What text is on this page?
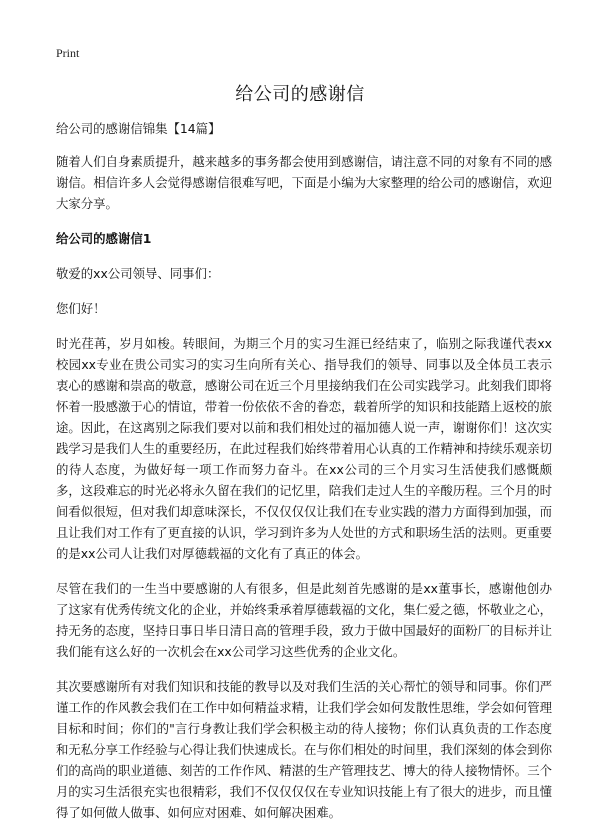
Print
给公司的感谢信

给公司的感谢信锦集【14篇】

随着人们自身素质提升，越来越多的事务都会使用到感谢信，请注意不同的对象有不同的感谢信。相信许多人会觉得感谢信很难写吧，下面是小编为大家整理的给公司的感谢信，欢迎大家分享。

给公司的感谢信1

敬爱的xx公司领导、同事们：

您们好！

时光荏苒，岁月如梭。转眼间，为期三个月的实习生涯已经结束了，临别之际我谨代表xx校园xx专业在贵公司实习的实习生向所有关心、指导我们的领导、同事以及全体员工表示衷心的感谢和崇高的敬意，感谢公司在近三个月里接纳我们在公司实践学习。此刻我们即将怀着一股感激于心的情谊，带着一份依依不舍的眷恋，载着所学的知识和技能踏上返校的旅途。因此，在这离别之际我们要对以前和我们相处过的福加德人说一声，谢谢你们！这次实践学习是我们人生的重要经历，在此过程我们始终带着用心认真的工作精神和持续乐观亲切的待人态度，为做好每一项工作而努力奋斗。在xx公司的三个月实习生活使我们感慨颇多，这段难忘的时光必将永久留在我们的记忆里，陪我们走过人生的辛酸历程。三个月的时间看似很短，但对我们却意味深长，不仅仅仅仅让我们在专业实践的潜力方面得到加强，而且让我们对工作有了更直接的认识，学习到许多为人处世的方式和职场生活的法则。更重要的是xx公司人让我们对厚德载福的文化有了真正的体会。

尽管在我们的一生当中要感谢的人有很多，但是此刻首先感谢的是xx董事长，感谢他创办了这家有优秀传统文化的企业，并始终秉承着厚德载福的文化，集仁爱之德，怀敬业之心，持无务的态度，坚持日事日毕日清日高的管理手段，致力于做中国最好的面粉厂的目标并让我们能有这么好的一次机会在xx公司学习这些优秀的企业文化。

其次要感谢所有对我们知识和技能的教导以及对我们生活的关心帮忙的领导和同事。你们严谨工作的作风教会我们在工作中如何精益求精，让我们学会如何发散性思维，学会如何管理目标和时间；你们的"言行身教让我们学会积极主动的待人接物；你们认真负责的工作态度和无私分享工作经验与心得让我们快速成长。在与你们相处的时间里，我们深刻的体会到你们的高尚的职业道德、刻苦的工作作风、精湛的生产管理技艺、博大的待人接物情怀。三个月的实习生活很充实也很精彩，我们不仅仅仅仅在专业知识技能上有了很大的进步，而且懂得了如何做人做事、如何应对困难、如何解决困难。
